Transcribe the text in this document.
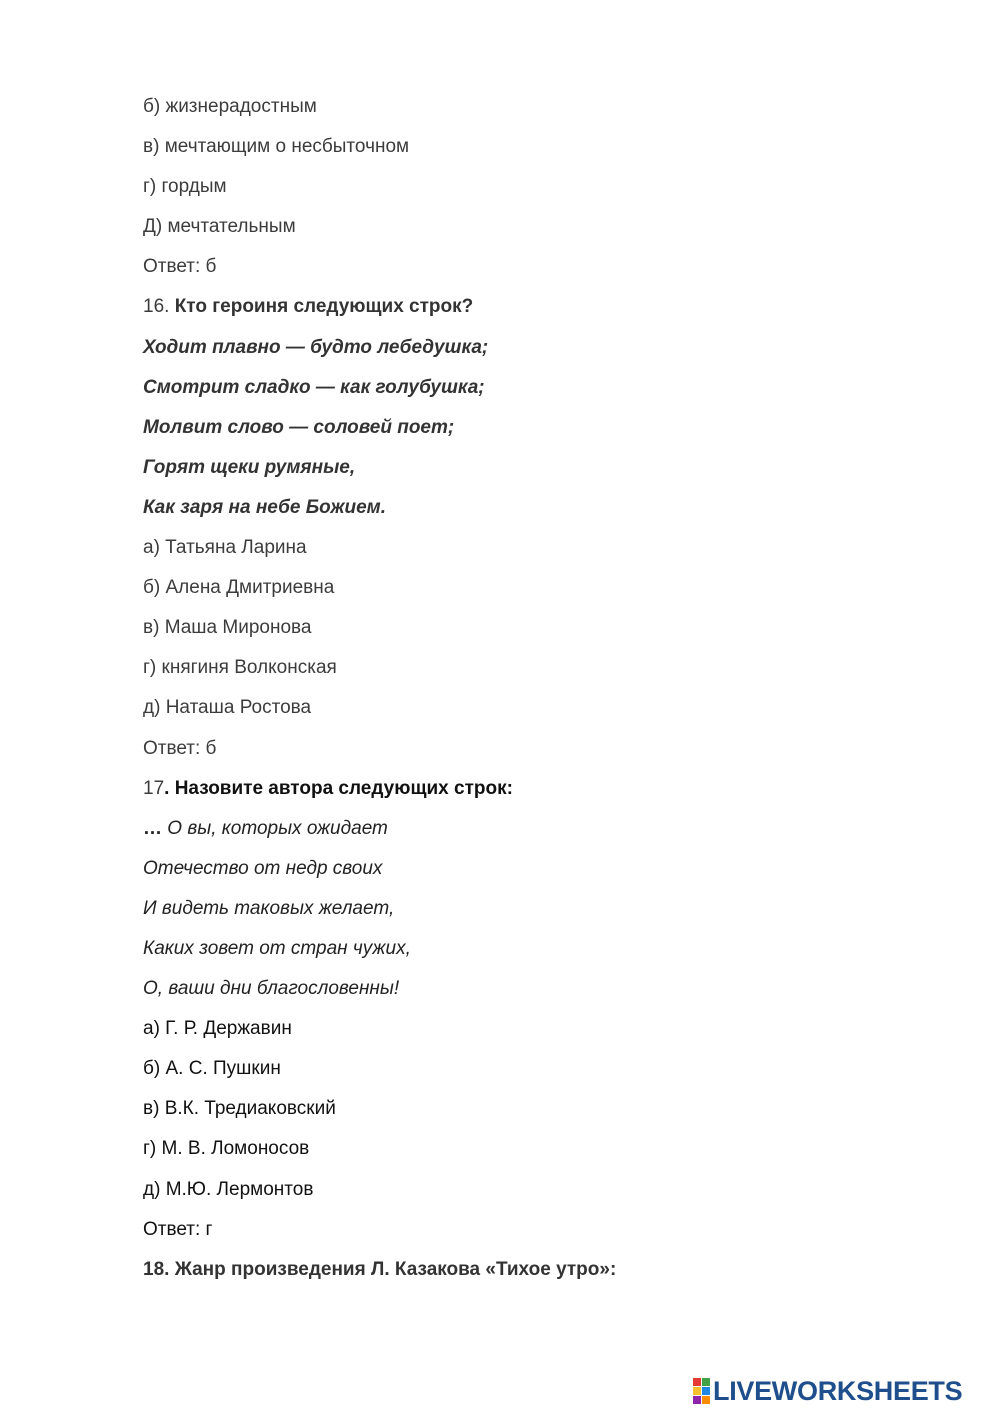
б) жизнерадостным
в) мечтающим о несбыточном
г) гордым
Д) мечтательным
Ответ: б
16. Кто героиня следующих строк?
Ходит плавно — будто лебедушка;
Смотрит сладко — как голубушка;
Молвит слово — соловей поет;
Горят щеки румяные,
Как заря на небе Божием.
а) Татьяна Ларина
б) Алена Дмитриевна
в) Маша Миронова
г) княгиня Волконская
д) Наташа Ростова
Ответ: б
17. Назовите автора следующих строк:
… О вы, которых ожидает
Отечество от недр своих
И видеть таковых желает,
Каких зовет от стран чужих,
О, ваши дни благословенны!
а) Г. Р. Державин
б) А. С. Пушкин
в) В.К. Тредиаковский
г) М. В. Ломоносов
д) М.Ю. Лермонтов
Ответ: г
18. Жанр произведения Л. Казакова «Тихое утро»:
LIVEWORKSHEETS
